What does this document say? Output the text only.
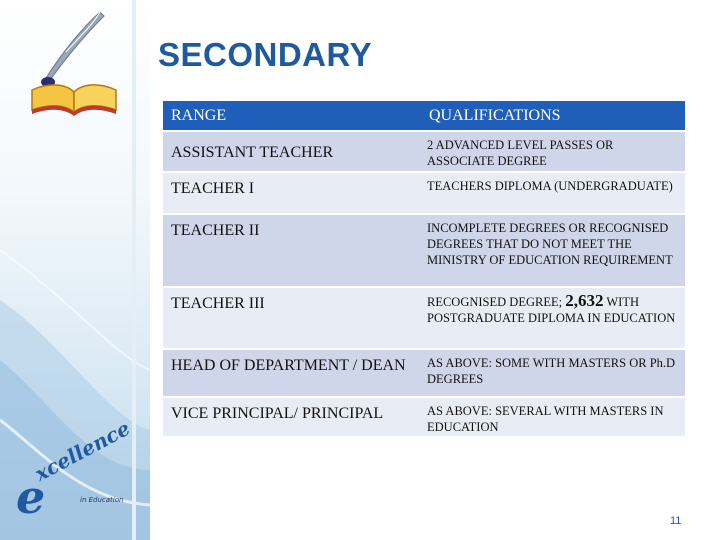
e
xcellence
in Education
SECONDARY
RANGE	QUALIFICATIONS
ASSISTANT TEACHER	2 ADVANCED LEVEL PASSES OR ASSOCIATE DEGREE
TEACHER I	TEACHERS DIPLOMA (UNDERGRADUATE)
TEACHER II	INCOMPLETE DEGREES OR RECOGNISED DEGREES THAT DO NOT MEET THE MINISTRY OF EDUCATION REQUIREMENT
TEACHER III	RECOGNISED DEGREE; 2,632 WITH POSTGRADUATE DIPLOMA IN EDUCATION
HEAD OF DEPARTMENT / DEAN	AS ABOVE: SOME WITH MASTERS OR Ph.D DEGREES
VICE PRINCIPAL/ PRINCIPAL	AS ABOVE: SEVERAL WITH MASTERS IN EDUCATION
11
